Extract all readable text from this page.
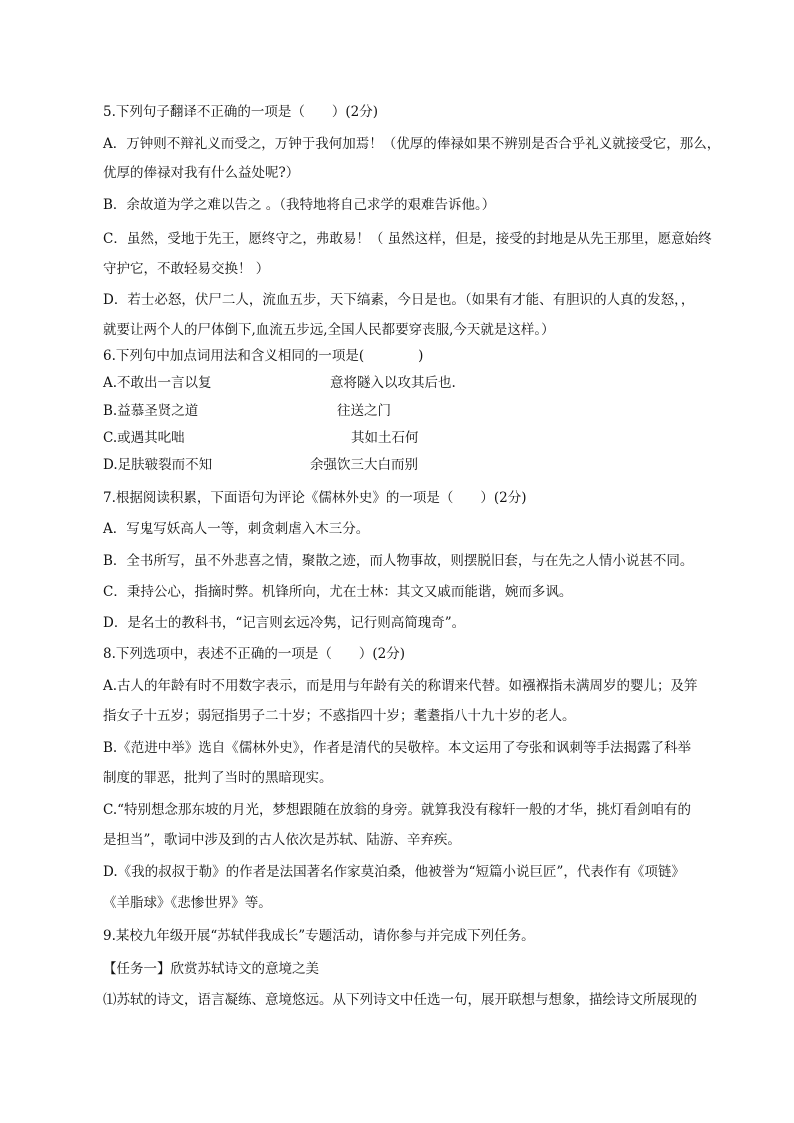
5.下列句子翻译不正确的一项是（　　）(2分)
A．万钟则不辩礼义而受之，万钟于我何加焉！（优厚的俸禄如果不辨别是否合乎礼义就接受它，那么，
优厚的俸禄对我有什么益处呢?）
B．余故道为学之难以告之 。（我特地将自己求学的艰难告诉他。）
C．虽然，受地于先王，愿终守之，弗敢易！（ 虽然这样，但是，接受的封地是从先王那里，愿意始终
守护它，不敢轻易交换！ ）
D．若士必怒，伏尸二人，流血五步，天下缟素，今日是也。（如果有才能、有胆识的人真的发怒，，
就要让两个人的尸体倒下,血流五步远,全国人民都要穿丧服,今天就是这样。）
6.下列句中加点词用法和含义相同的一项是(　　　　)
A.不敢出一言以复	意将隧入以攻其后也.
B.益慕圣贤之道	往送之门
C.或遇其叱咄	其如土石何
D.足肤皲裂而不知	余强饮三大白而别
7.根据阅读积累，下面语句为评论《儒林外史》的一项是（　　）(2分)
A．写鬼写妖高人一等，刺贪刺虐入木三分。
B．全书所写，虽不外悲喜之情，聚散之迹，而人物事故，则摆脱旧套，与在先之人情小说甚不同。
C．秉持公心，指摘时弊。机锋所向，尤在士林：其文又戚而能谐，婉而多讽。
D．是名士的教科书，“记言则玄远冷隽，记行则高简瑰奇”。
8.下列选项中，表述不正确的一项是（　　）(2分)
A.古人的年龄有时不用数字表示，而是用与年龄有关的称谓来代替。如襁褓指未满周岁的婴儿；及笄
指女子十五岁；弱冠指男子二十岁；不惑指四十岁；耄耋指八十九十岁的老人。
B.《范进中举》选自《儒林外史》，作者是清代的吴敬梓。本文运用了夸张和讽刺等手法揭露了科举
制度的罪恶，批判了当时的黑暗现实。
C.“特别想念那东坡的月光，梦想跟随在放翁的身旁。就算我没有稼轩一般的才华，挑灯看剑咱有的
是担当”，歌词中涉及到的古人依次是苏轼、陆游、辛弃疾。
D.《我的叔叔于勒》的作者是法国著名作家莫泊桑，他被誉为“短篇小说巨匠”，代表作有《项链》
《羊脂球》《悲惨世界》等。
9.某校九年级开展“苏轼伴我成长”专题活动，请你参与并完成下列任务。
【任务一】欣赏苏轼诗文的意境之美
⑴苏轼的诗文，语言凝练、意境悠远。从下列诗文中任选一句，展开联想与想象，描绘诗文所展现的
